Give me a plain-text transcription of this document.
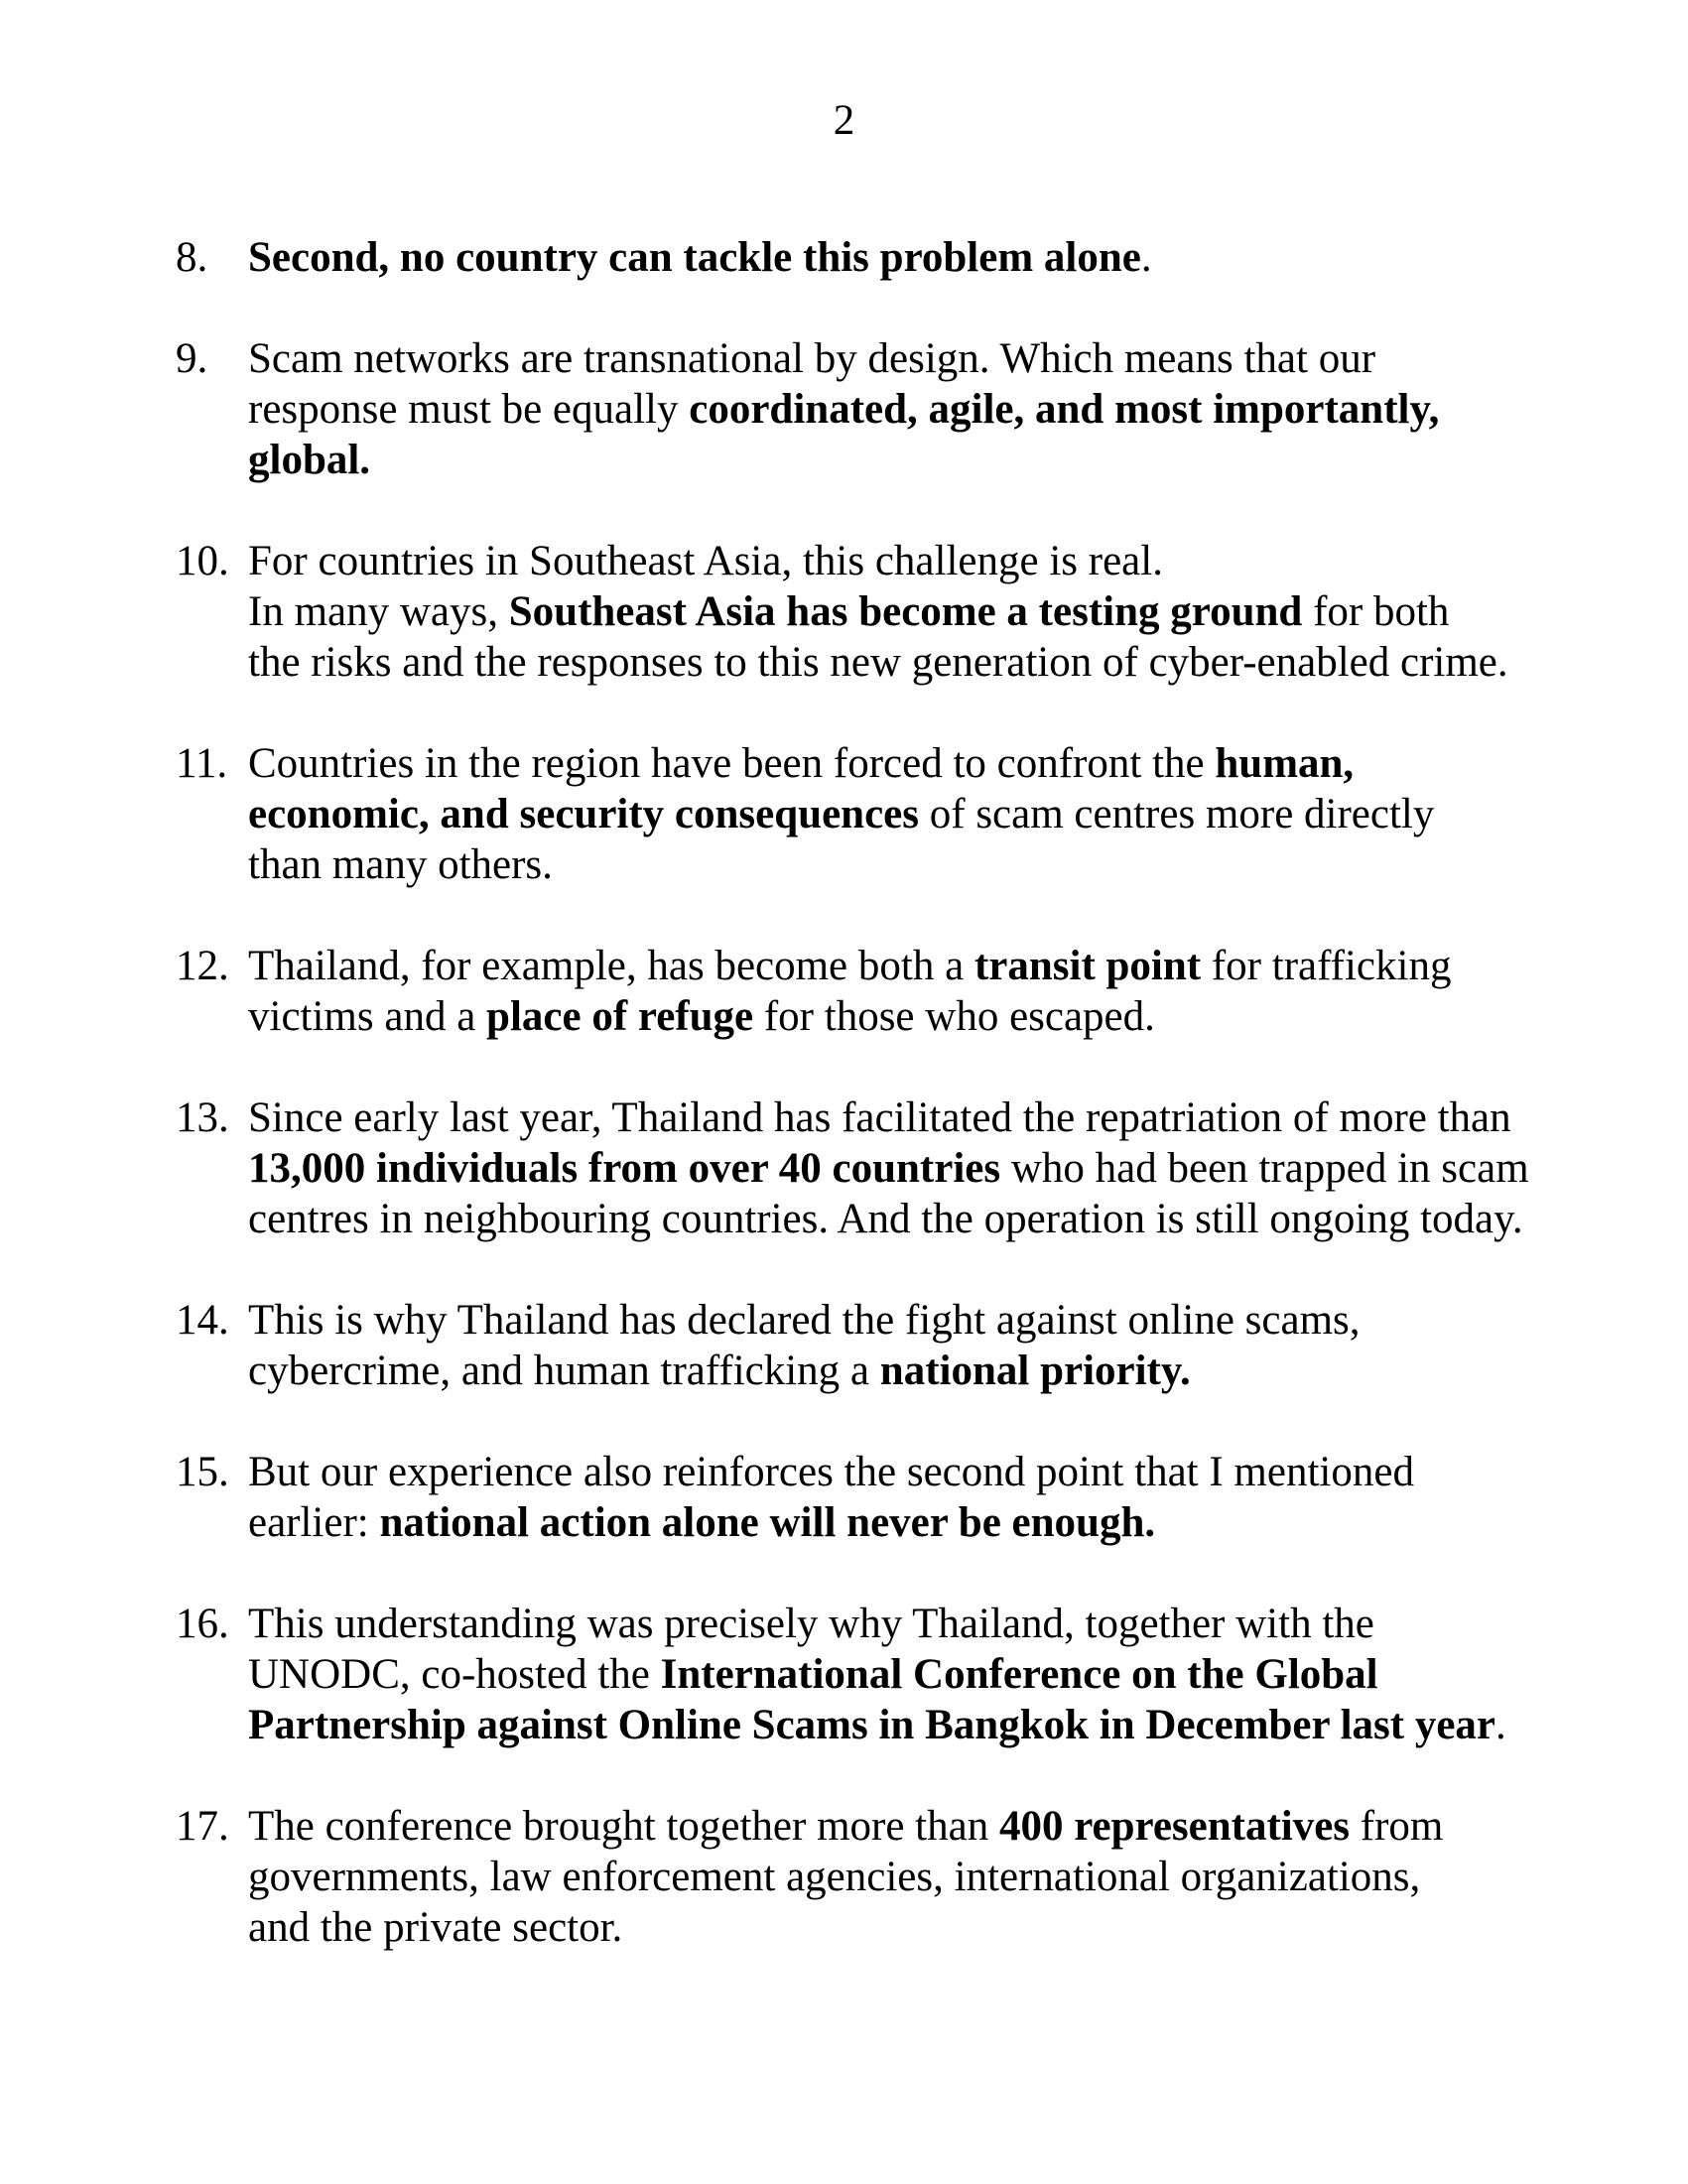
2
8. Second, no country can tackle this problem alone.
9. Scam networks are transnational by design. Which means that our
response must be equally coordinated, agile, and most importantly,
global.
10. For countries in Southeast Asia, this challenge is real.
In many ways, Southeast Asia has become a testing ground for both
the risks and the responses to this new generation of cyber-enabled crime.
11. Countries in the region have been forced to confront the human,
economic, and security consequences of scam centres more directly
than many others.
12. Thailand, for example, has become both a transit point for trafficking
victims and a place of refuge for those who escaped.
13. Since early last year, Thailand has facilitated the repatriation of more than
13,000 individuals from over 40 countries who had been trapped in scam
centres in neighbouring countries. And the operation is still ongoing today.
14. This is why Thailand has declared the fight against online scams,
cybercrime, and human trafficking a national priority.
15. But our experience also reinforces the second point that I mentioned
earlier: national action alone will never be enough.
16. This understanding was precisely why Thailand, together with the
UNODC, co-hosted the International Conference on the Global
Partnership against Online Scams in Bangkok in December last year.
17. The conference brought together more than 400 representatives from
governments, law enforcement agencies, international organizations,
and the private sector.
